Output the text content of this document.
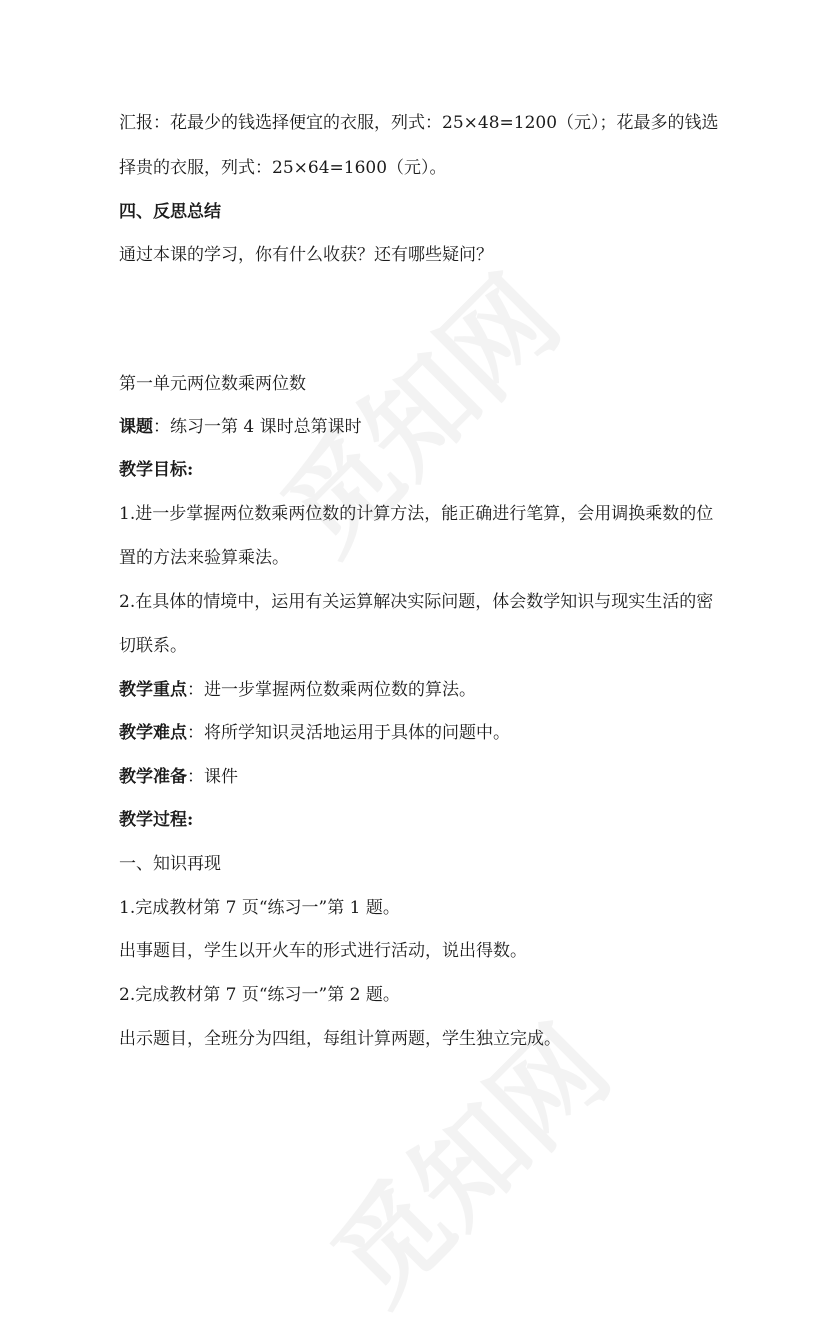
汇报：花最少的钱选择便宜的衣服，列式：25×48=1200（元）；花最多的钱选
择贵的衣服，列式：25×64=1600（元）。
四、反思总结
通过本课的学习，你有什么收获？还有哪些疑问？
第一单元两位数乘两位数
课题：练习一第 4 课时总第课时
教学目标:
1.进一步掌握两位数乘两位数的计算方法，能正确进行笔算，会用调换乘数的位
置的方法来验算乘法。
2.在具体的情境中，运用有关运算解决实际问题，体会数学知识与现实生活的密
切联系。
教学重点：进一步掌握两位数乘两位数的算法。
教学难点：将所学知识灵活地运用于具体的问题中。
教学准备：课件
教学过程:
一、知识再现
1.完成教材第 7 页“练习一”第 1 题。
出事题目，学生以开火车的形式进行活动，说出得数。
2.完成教材第 7 页“练习一”第 2 题。
出示题目，全班分为四组，每组计算两题，学生独立完成。
